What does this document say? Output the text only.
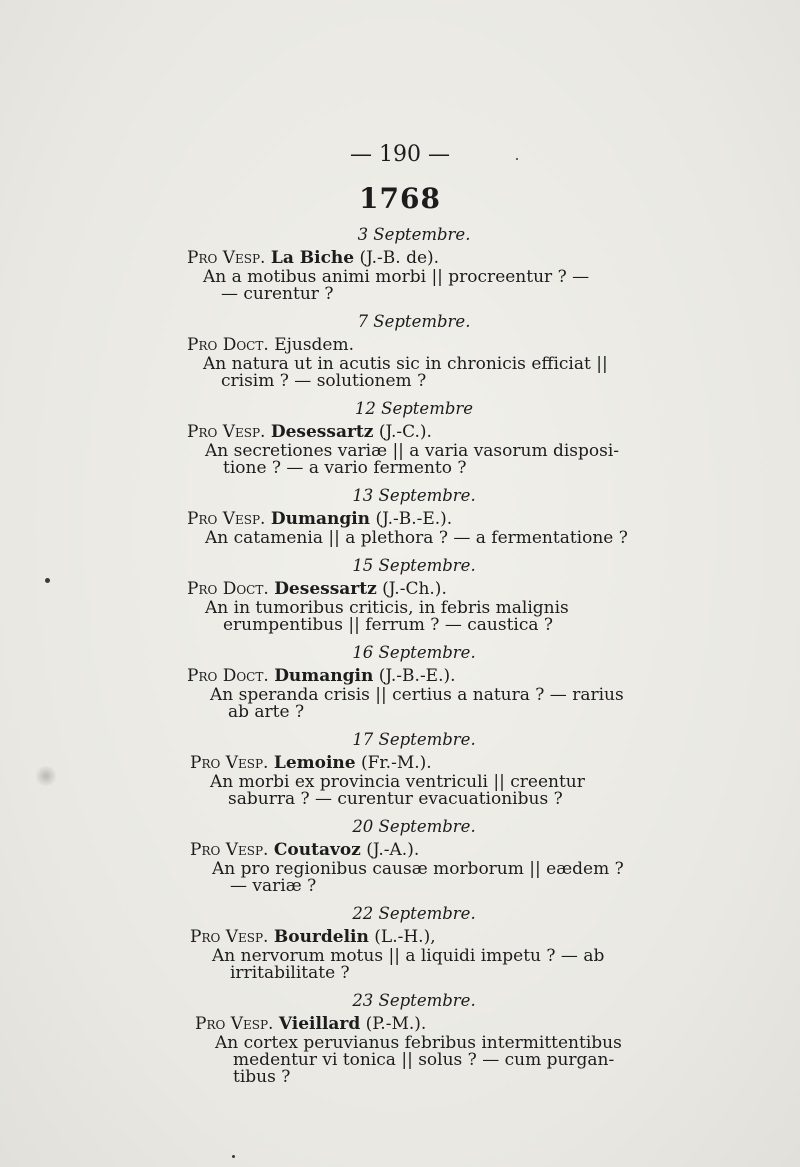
— 190 —
1768
3 Septembre.
Pro Vesp. La Biche (J.-B. de).
An a motibus animi morbi || procreentur ? —
— curentur ?
7 Septembre.
Pro Doct. Ejusdem.
An natura ut in acutis sic in chronicis efficiat ||
crisim ? — solutionem ?
12 Septembre
Pro Vesp. Desessartz (J.-C.).
An secretiones variæ || a varia vasorum disposi-
tione ? — a vario fermento ?
13 Septembre.
Pro Vesp. Dumangin (J.-B.-E.).
An catamenia || a plethora ? — a fermentatione ?
15 Septembre.
Pro Doct. Desessartz (J.-Ch.).
An in tumoribus criticis, in febris malignis
erumpentibus || ferrum ? — caustica ?
16 Septembre.
Pro Doct. Dumangin (J.-B.-E.).
An speranda crisis || certius a natura ? — rarius
ab arte ?
17 Septembre.
Pro Vesp. Lemoine (Fr.-M.).
An morbi ex provincia ventriculi || creentur
saburra ? — curentur evacuationibus ?
20 Septembre.
Pro Vesp. Coutavoz (J.-A.).
An pro regionibus causæ morborum || eædem ?
— variæ ?
22 Septembre.
Pro Vesp. Bourdelin (L.-H.),
An nervorum motus || a liquidi impetu ? — ab
irritabilitate ?
23 Septembre.
Pro Vesp. Vieillard (P.-M.).
An cortex peruvianus febribus intermittentibus
medentur vi tonica || solus ? — cum purgan-
tibus ?
